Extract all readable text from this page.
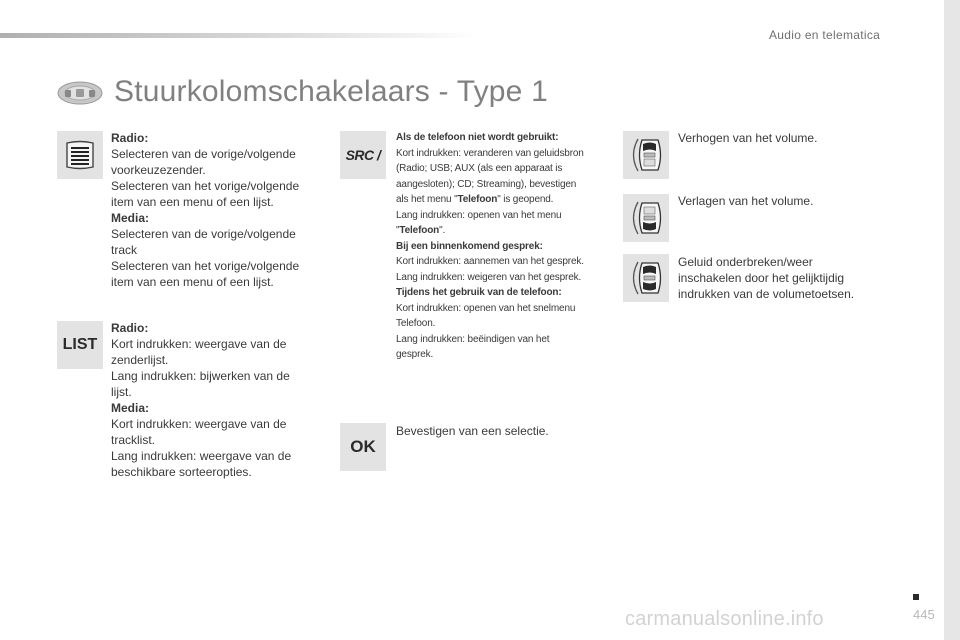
Audio en telematica
Stuurkolomschakelaars - Type 1
Radio:
Selecteren van de vorige/volgende
voorkeuzezender.
Selecteren van het vorige/volgende
item van een menu of een lijst.
Media:
Selecteren van de vorige/volgende
track
Selecteren van het vorige/volgende
item van een menu of een lijst.
LIST
Radio:
Kort indrukken: weergave van de
zenderlijst.
Lang indrukken: bijwerken van de
lijst.
Media:
Kort indrukken: weergave van de
tracklist.
Lang indrukken: weergave van de
beschikbare sorteeropties.
SRC /
Als de telefoon niet wordt gebruikt:
Kort indrukken: veranderen van geluidsbron
(Radio; USB; AUX (als een apparaat is
aangesloten); CD; Streaming), bevestigen
als het menu "Telefoon" is geopend.
Lang indrukken: openen van het menu
"Telefoon".
Bij een binnenkomend gesprek:
Kort indrukken: aannemen van het gesprek.
Lang indrukken: weigeren van het gesprek.
Tijdens het gebruik van de telefoon:
Kort indrukken: openen van het snelmenu
Telefoon.
Lang indrukken: beëindigen van het
gesprek.
OK
Bevestigen van een selectie.
Verhogen van het volume.
Verlagen van het volume.
Geluid onderbreken/weer
inschakelen door het gelijktijdig
indrukken van de volumetoetsen.
carmanualsonline.info	445
